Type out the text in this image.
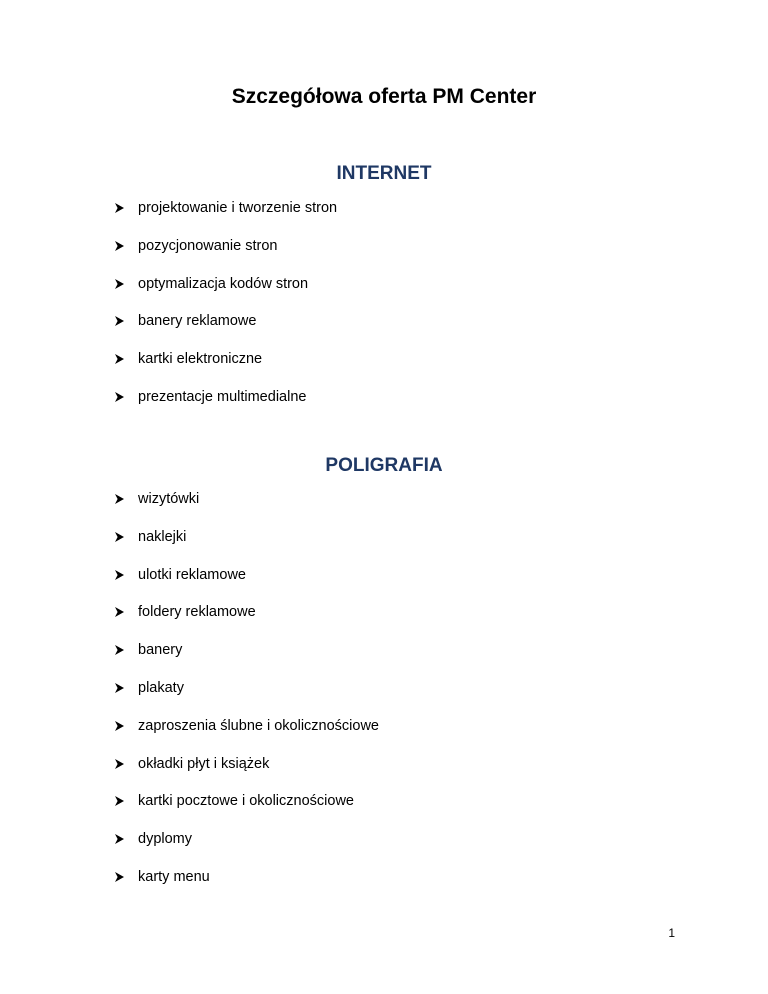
Szczegółowa oferta PM Center
INTERNET
projektowanie i tworzenie stron
pozycjonowanie stron
optymalizacja kodów stron
banery reklamowe
kartki elektroniczne
prezentacje multimedialne
POLIGRAFIA
wizytówki
naklejki
ulotki reklamowe
foldery reklamowe
banery
plakaty
zaproszenia ślubne i okolicznościowe
okładki płyt i książek
kartki pocztowe i okolicznościowe
dyplomy
karty menu
1
